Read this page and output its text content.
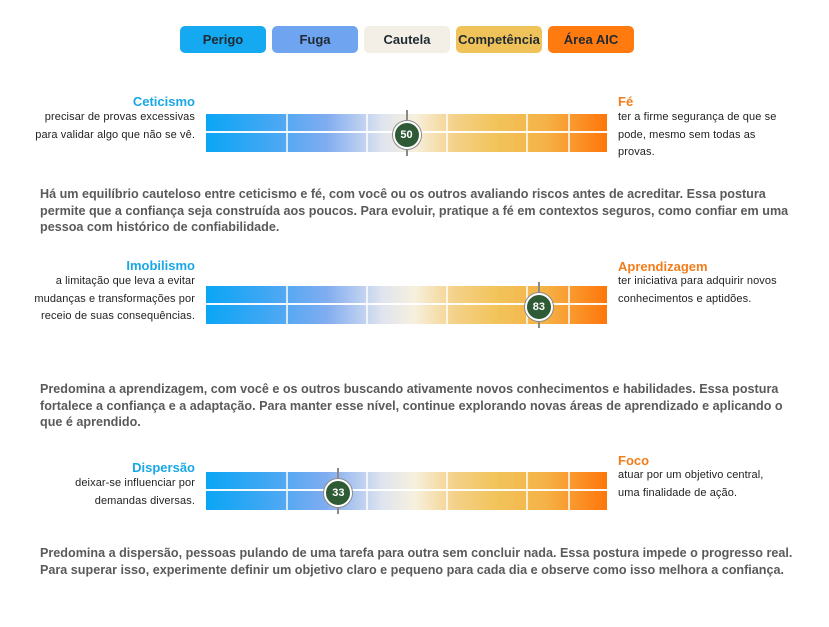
Perigo	Fuga	Cautela	Competência	Área AIC
Ceticismo
precisar de provas excessivas para validar algo que não se vê.	50
Fé
ter a firme segurança de que se pode, mesmo sem todas as provas.
Há um equilíbrio cauteloso entre ceticismo e fé, com você ou os outros avaliando riscos antes de acreditar. Essa postura permite que a confiança seja construída aos poucos. Para evoluir, pratique a fé em contextos seguros, como confiar em uma pessoa com histórico de confiabilidade.
Imobilismo
a limitação que leva a evitar mudanças e transformações por receio de suas consequências.
83
Aprendizagem
ter iniciativa para adquirir novos conhecimentos e aptidões.
Predomina a aprendizagem, com você e os outros buscando ativamente novos conhecimentos e habilidades. Essa postura fortalece a confiança e a adaptação. Para manter esse nível, continue explorando novas áreas de aprendizado e aplicando o que é aprendido.
Dispersão
deixar-se influenciar por demandas diversas.
33
Foco
atuar por um objetivo central, uma finalidade de ação.
Predomina a dispersão, pessoas pulando de uma tarefa para outra sem concluir nada. Essa postura impede o progresso real. Para superar isso, experimente definir um objetivo claro e pequeno para cada dia e observe como isso melhora a confiança.
